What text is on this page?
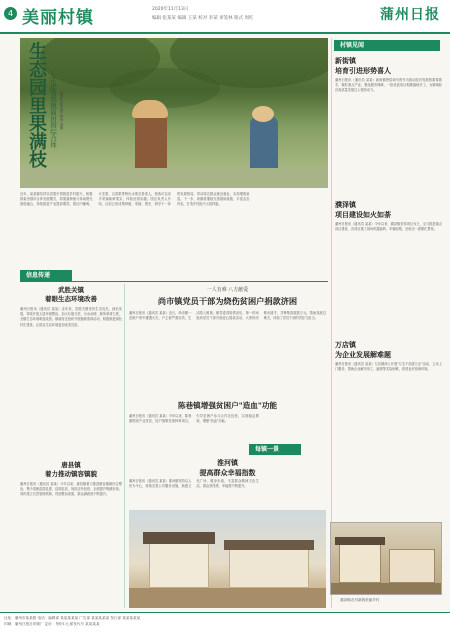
4 美丽村镇	2020年11月13日
编辑 张某某 编辑 王某 校对 李某 审签林 版式 周红	蒲州日报
生态园里果满枝 —走进南郊镇面田园综合体 蒲州日报记者 杨某 某摄
近年，某某镇坚持以党建引领推进乡村振兴，积极探索田园综合体发展模式，将果蔬种植与休闲观光深度融合，持续推进产业提质增效。园区内葡萄、火龙果、百香果等特色水果长势喜人，游客可以亲手采摘新鲜果实，体验田园乐趣。园区负责人介绍，目前已形成集种植、采摘、观光、研学于一体的发展格局，带动周边群众就近就业，实现增收致富。下一步，该镇将继续完善基础设施，丰富业态内容，打造乡村振兴示范样板。
信息传递
武胜关镇
着眼生态环境改善
蒲州日报讯（通讯员 某某）近年来，武胜关镇坚持生态优先、绿色发展，持续开展人居环境整治，加大垃圾分类、污水治理、厕所革命力度，全镇生态环境明显改善。镇政府还组织开展植树造林活动，积极推进绿色村庄建设，让群众生活环境更加优美宜居。
唐县镇
着力推动镇容镇貌
蒲州日报讯（通讯员 某某）今年以来，唐县镇着力推进镇容镇貌综合整治，集中清理乱搭乱建、乱堆乱放，规范店外经营，全面提升集镇形象。同时建立长效管理机制，巩固整治成果，群众满意度不断提升。
一人有难 八方献爱
尚市镇党员干部为烧伤贫困户捐款济困
蒲州日报讯（通讯员 某某）近日，尚市镇一贫困户家中遭遇火灾，户主被严重烧伤，生活陷入困境。镇党委得知情况后，第一时间组织党员干部开展爱心捐款活动，大家纷纷伸出援手，共筹集善款数万元，帮助其渡过难关，体现了党员干部的责任与担当。
陈巷镇增强贫困户"造血"功能
蒲州日报讯（通讯员 某某）今年以来，陈巷镇围绕产业扶贫，因户施策发展种养项目，引导贫困户参与合作社经营，实现稳定增收，增强"造血"功能。
每镇一景
淮河镇
提高群众幸福指数
蒲州日报讯（通讯员 某某）淮河镇坚持以人民为中心，持续完善公共服务设施，新建文化广场、健身步道，丰富群众精神文化生活，群众获得感、幸福感不断提升。
村镇见闻
新街镇
培育引进形势喜人
蒲州日报讯（通讯员 某某）新街镇把招商引资作为推动经济发展的重要抓手，紧盯重点产业，强化服务保障，一批优质项目相继落地开工，为镇域经济高质量发展注入强劲动力。
濮泽镇
项目建设如火如荼
蒲州日报讯（通讯员 某某）今年以来，濮泽镇坚持项目为王，全力推进重点项目建设，各项目施工现场机器轰鸣、车辆穿梭，呈现出一派繁忙景象。
万店镇
为企业发展解难题
蒲州日报讯（通讯员 某某）万店镇深入开展"万名干部进万企"活动，主动上门服务，帮助企业解决用工、融资等实际困难，营造良好营商环境。
濮泽镇农村新貌美丽乡村
社址：蒲州市某某路 电话：编辑部 某某某某某 广告部 某某某某某 发行部 某某某某某
印刷：蒲州日报社印刷厂 定价：每份1元 邮发代号 某某某某
